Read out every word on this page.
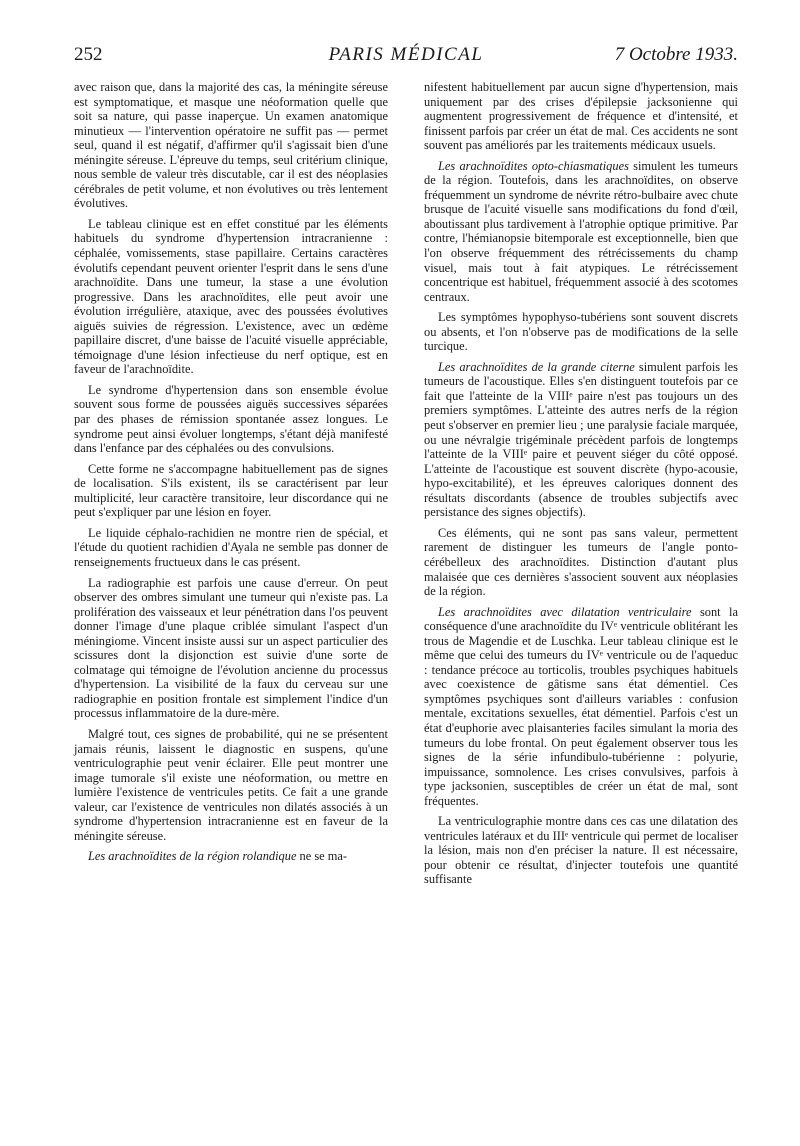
252	PARIS MÉDICAL	7 Octobre 1933.

avec raison que, dans la majorité des cas, la méningite séreuse est symptomatique, et masque une néoformation quelle que soit sa nature, qui passe inaperçue. Un examen anatomique minutieux — l'intervention opératoire ne suffit pas — permet seul, quand il est négatif, d'affirmer qu'il s'agissait bien d'une méningite séreuse. L'épreuve du temps, seul critérium clinique, nous semble de valeur très discutable, car il est des néoplasies cérébrales de petit volume, et non évolutives ou très lentement évolutives.

Le tableau clinique est en effet constitué par les éléments habituels du syndrome d'hypertension intracranienne : céphalée, vomissements, stase papillaire. Certains caractères évolutifs cependant peuvent orienter l'esprit dans le sens d'une arachnoïdite. Dans une tumeur, la stase a une évolution progressive. Dans les arachnoïdites, elle peut avoir une évolution irrégulière, ataxique, avec des poussées évolutives aiguës suivies de régression. L'existence, avec un œdème papillaire discret, d'une baisse de l'acuité visuelle appréciable, témoignage d'une lésion infectieuse du nerf optique, est en faveur de l'arachnoïdite.

Le syndrome d'hypertension dans son ensemble évolue souvent sous forme de poussées aiguës successives séparées par des phases de rémission spontanée assez longues. Le syndrome peut ainsi évoluer longtemps, s'étant déjà manifesté dans l'enfance par des céphalées ou des convulsions.

Cette forme ne s'accompagne habituellement pas de signes de localisation. S'ils existent, ils se caractérisent par leur multiplicité, leur caractère transitoire, leur discordance qui ne peut s'expliquer par une lésion en foyer.

Le liquide céphalo-rachidien ne montre rien de spécial, et l'étude du quotient rachidien d'Ayala ne semble pas donner de renseignements fructueux dans le cas présent.

La radiographie est parfois une cause d'erreur. On peut observer des ombres simulant une tumeur qui n'existe pas. La prolifération des vaisseaux et leur pénétration dans l'os peuvent donner l'image d'une plaque criblée simulant l'aspect d'un méningiome. Vincent insiste aussi sur un aspect particulier des scissures dont la disjonction est suivie d'une sorte de colmatage qui témoigne de l'évolution ancienne du processus d'hypertension. La visibilité de la faux du cerveau sur une radiographie en position frontale est simplement l'indice d'un processus inflammatoire de la dure-mère.

Malgré tout, ces signes de probabilité, qui ne se présentent jamais réunis, laissent le diagnostic en suspens, qu'une ventriculographie peut venir éclairer. Elle peut montrer une image tumorale s'il existe une néoformation, ou mettre en lumière l'existence de ventricules petits. Ce fait a une grande valeur, car l'existence de ventricules non dilatés associés à un syndrome d'hypertension intracranienne est en faveur de la méningite séreuse.

Les arachnoïdites de la région rolandique ne se ma-

nifestent habituellement par aucun signe d'hypertension, mais uniquement par des crises d'épilepsie jacksonienne qui augmentent progressivement de fréquence et d'intensité, et finissent parfois par créer un état de mal. Ces accidents ne sont souvent pas améliorés par les traitements médicaux usuels.

Les arachnoïdites opto-chiasmatiques simulent les tumeurs de la région. Toutefois, dans les arachnoïdites, on observe fréquemment un syndrome de névrite rétro-bulbaire avec chute brusque de l'acuité visuelle sans modifications du fond d'œil, aboutissant plus tardivement à l'atrophie optique primitive. Par contre, l'hémianopsie bitemporale est exceptionnelle, bien que l'on observe fréquemment des rétrécissements du champ visuel, mais tout à fait atypiques. Le rétrécissement concentrique est habituel, fréquemment associé à des scotomes centraux.

Les symptômes hypophyso-tubériens sont souvent discrets ou absents, et l'on n'observe pas de modifications de la selle turcique.

Les arachnoïdites de la grande citerne simulent parfois les tumeurs de l'acoustique. Elles s'en distinguent toutefois par ce fait que l'atteinte de la VIIIᵉ paire n'est pas toujours un des premiers symptômes. L'atteinte des autres nerfs de la région peut s'observer en premier lieu ; une paralysie faciale marquée, ou une névralgie trigéminale précèdent parfois de longtemps l'atteinte de la VIIIᵉ paire et peuvent siéger du côté opposé. L'atteinte de l'acoustique est souvent discrète (hypo-acousie, hypo-excitabilité), et les épreuves caloriques donnent des résultats discordants (absence de troubles subjectifs avec persistance des signes objectifs).

Ces éléments, qui ne sont pas sans valeur, permettent rarement de distinguer les tumeurs de l'angle ponto-cérébelleux des arachnoïdites. Distinction d'autant plus malaisée que ces dernières s'associent souvent aux néoplasies de la région.

Les arachnoïdites avec dilatation ventriculaire sont la conséquence d'une arachnoïdite du IVᵉ ventricule oblitérant les trous de Magendie et de Luschka. Leur tableau clinique est le même que celui des tumeurs du IVᵉ ventricule ou de l'aqueduc : tendance précoce au torticolis, troubles psychiques habituels avec coexistence de gâtisme sans état démentiel. Ces symptômes psychiques sont d'ailleurs variables : confusion mentale, excitations sexuelles, état démentiel. Parfois c'est un état d'euphorie avec plaisanteries faciles simulant la moria des tumeurs du lobe frontal. On peut également observer tous les signes de la série infundibulo-tubérienne : polyurie, impuissance, somnolence. Les crises convulsives, parfois à type jacksonien, susceptibles de créer un état de mal, sont fréquentes.

La ventriculographie montre dans ces cas une dilatation des ventricules latéraux et du IIIᵉ ventricule qui permet de localiser la lésion, mais non d'en préciser la nature. Il est nécessaire, pour obtenir ce résultat, d'injecter toutefois une quantité suffisante
